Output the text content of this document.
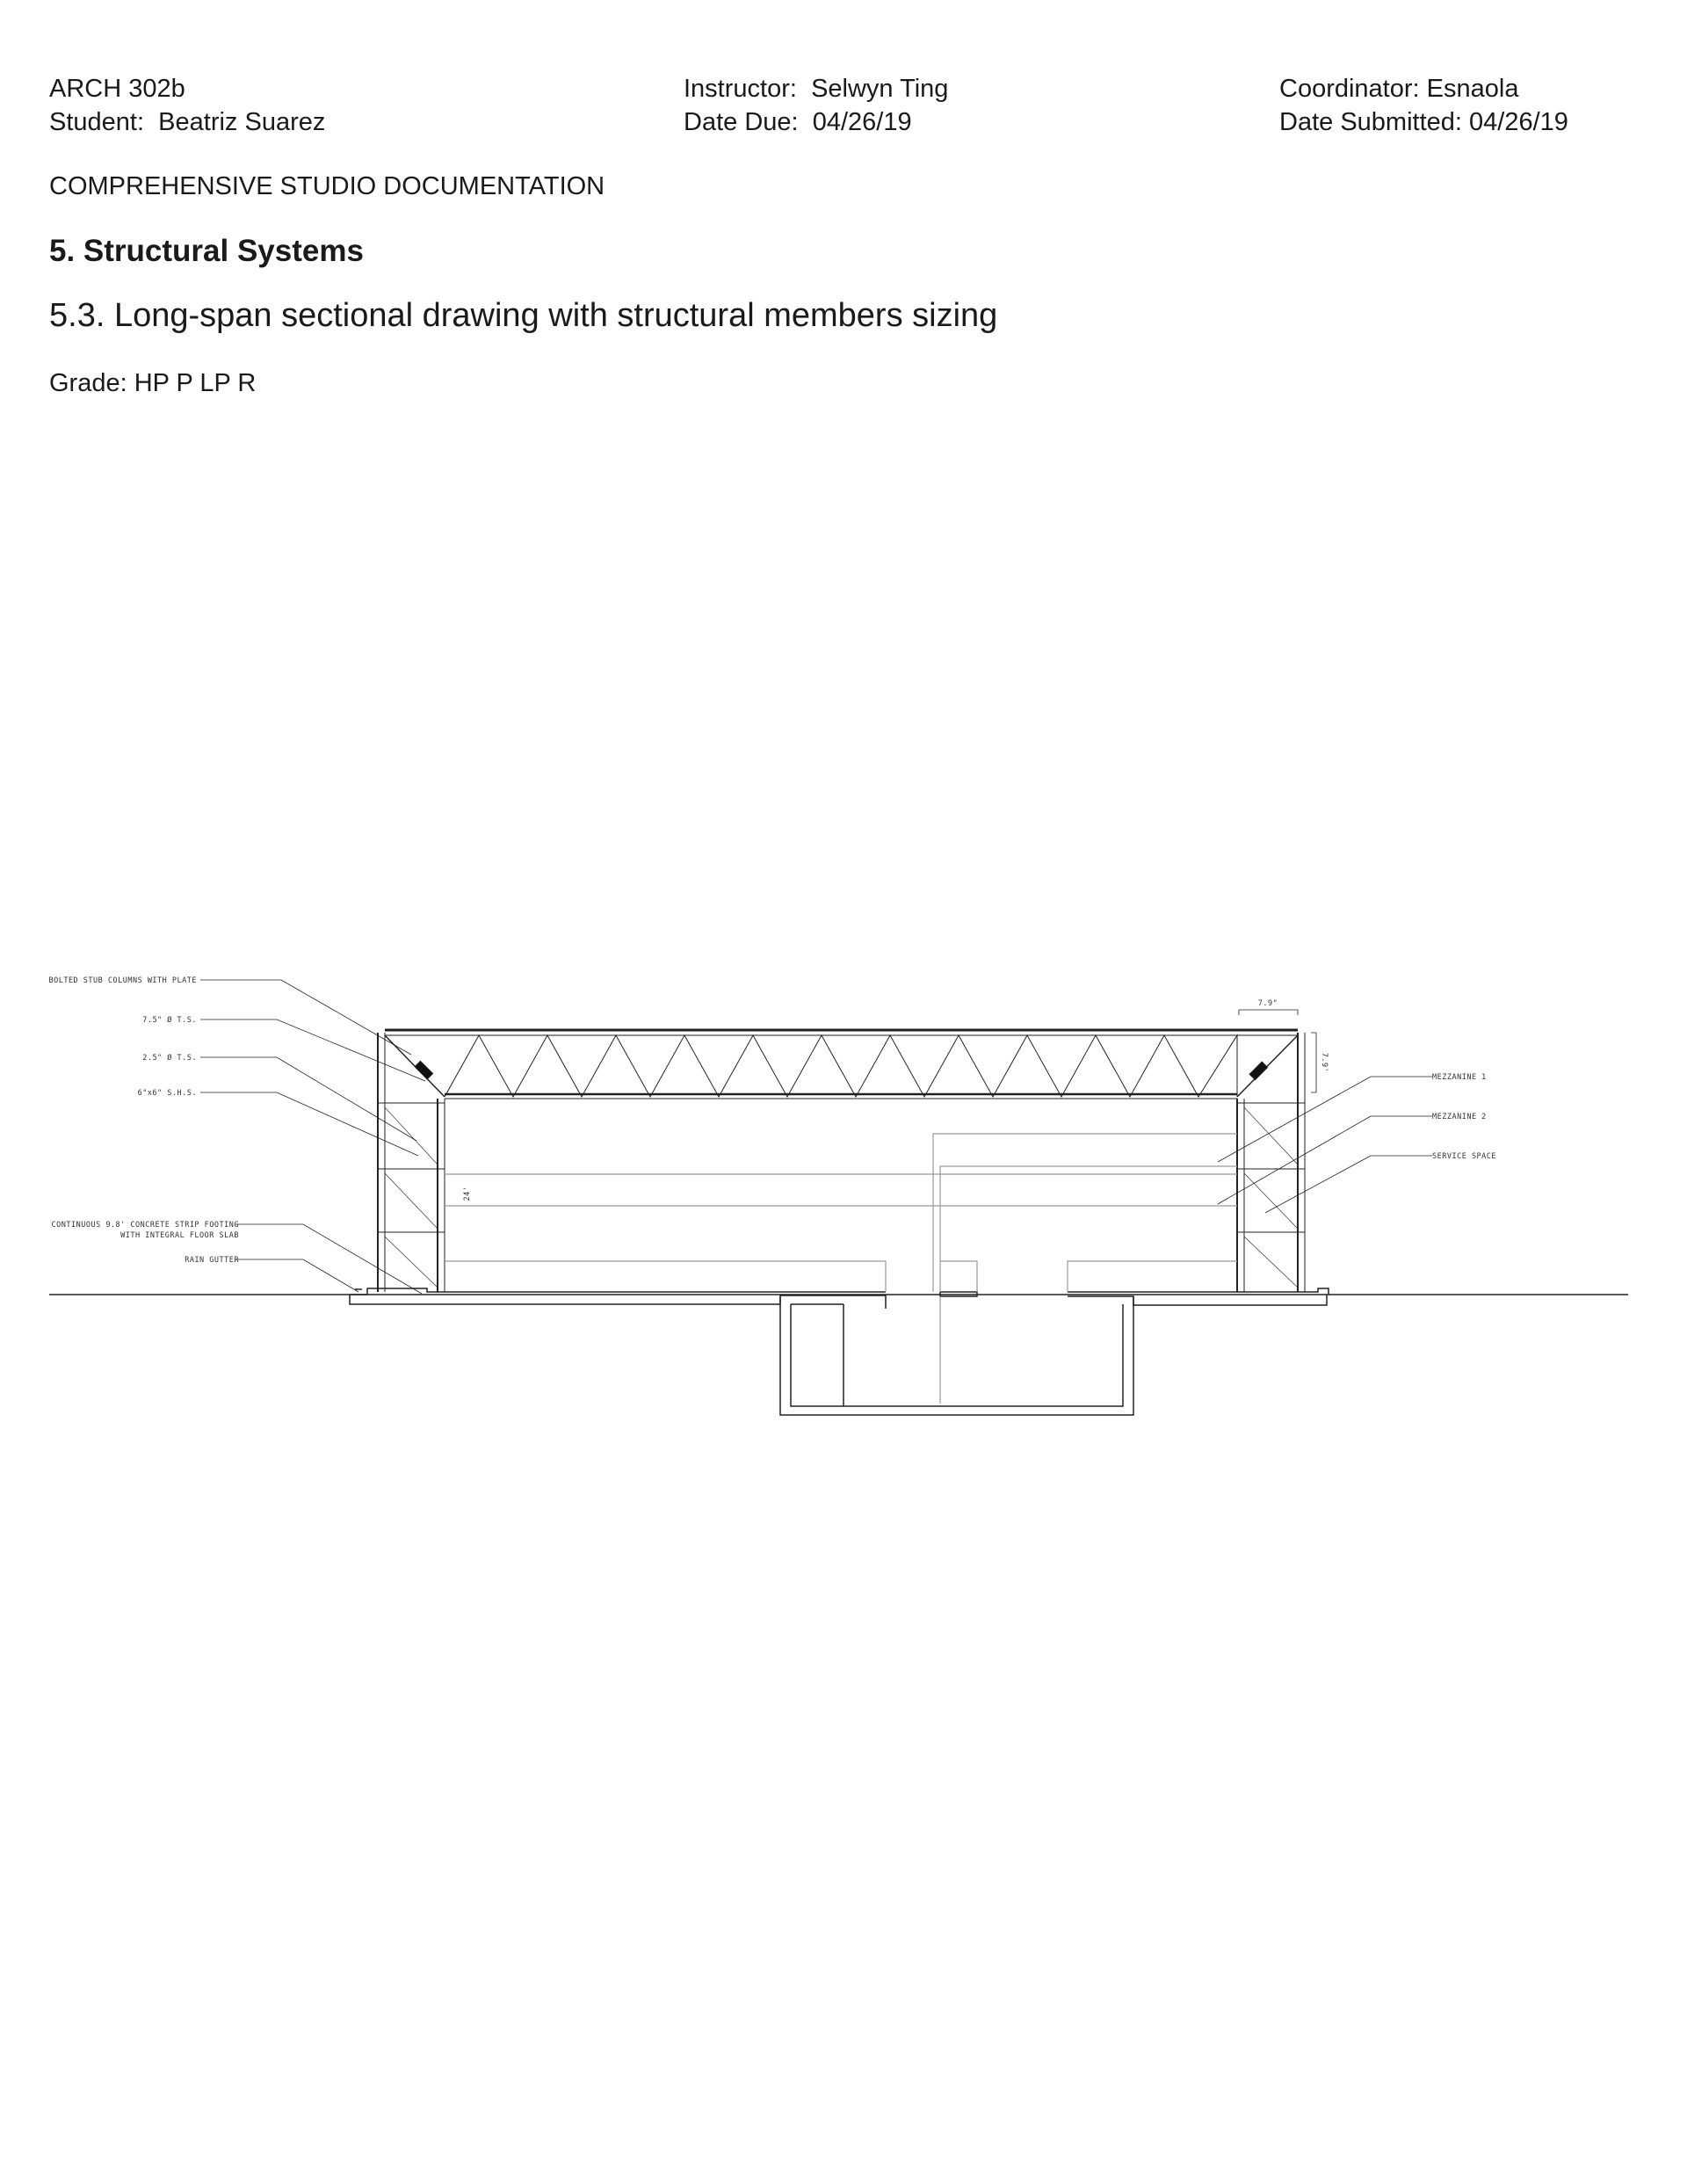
ARCH 302b
Student: Beatriz Suarez
Instructor: Selwyn Ting
Date Due: 04/26/19
Coordinator: Esnaola
Date Submitted: 04/26/19
COMPREHENSIVE STUDIO DOCUMENTATION
5. Structural Systems
5.3. Long-span sectional drawing with structural members sizing
Grade: HP P LP R
BOLTED STUB COLUMNS WITH PLATE
7.5" Ø T.S.
2.5" Ø T.S.
6"x6" S.H.S.
CONTINUOUS 9.8' CONCRETE STRIP FOOTING
WITH INTEGRAL FLOOR SLAB
RAIN GUTTER
MEZZANINE 1
MEZZANINE 2
SERVICE SPACE
7.9"
7.9'
24'
